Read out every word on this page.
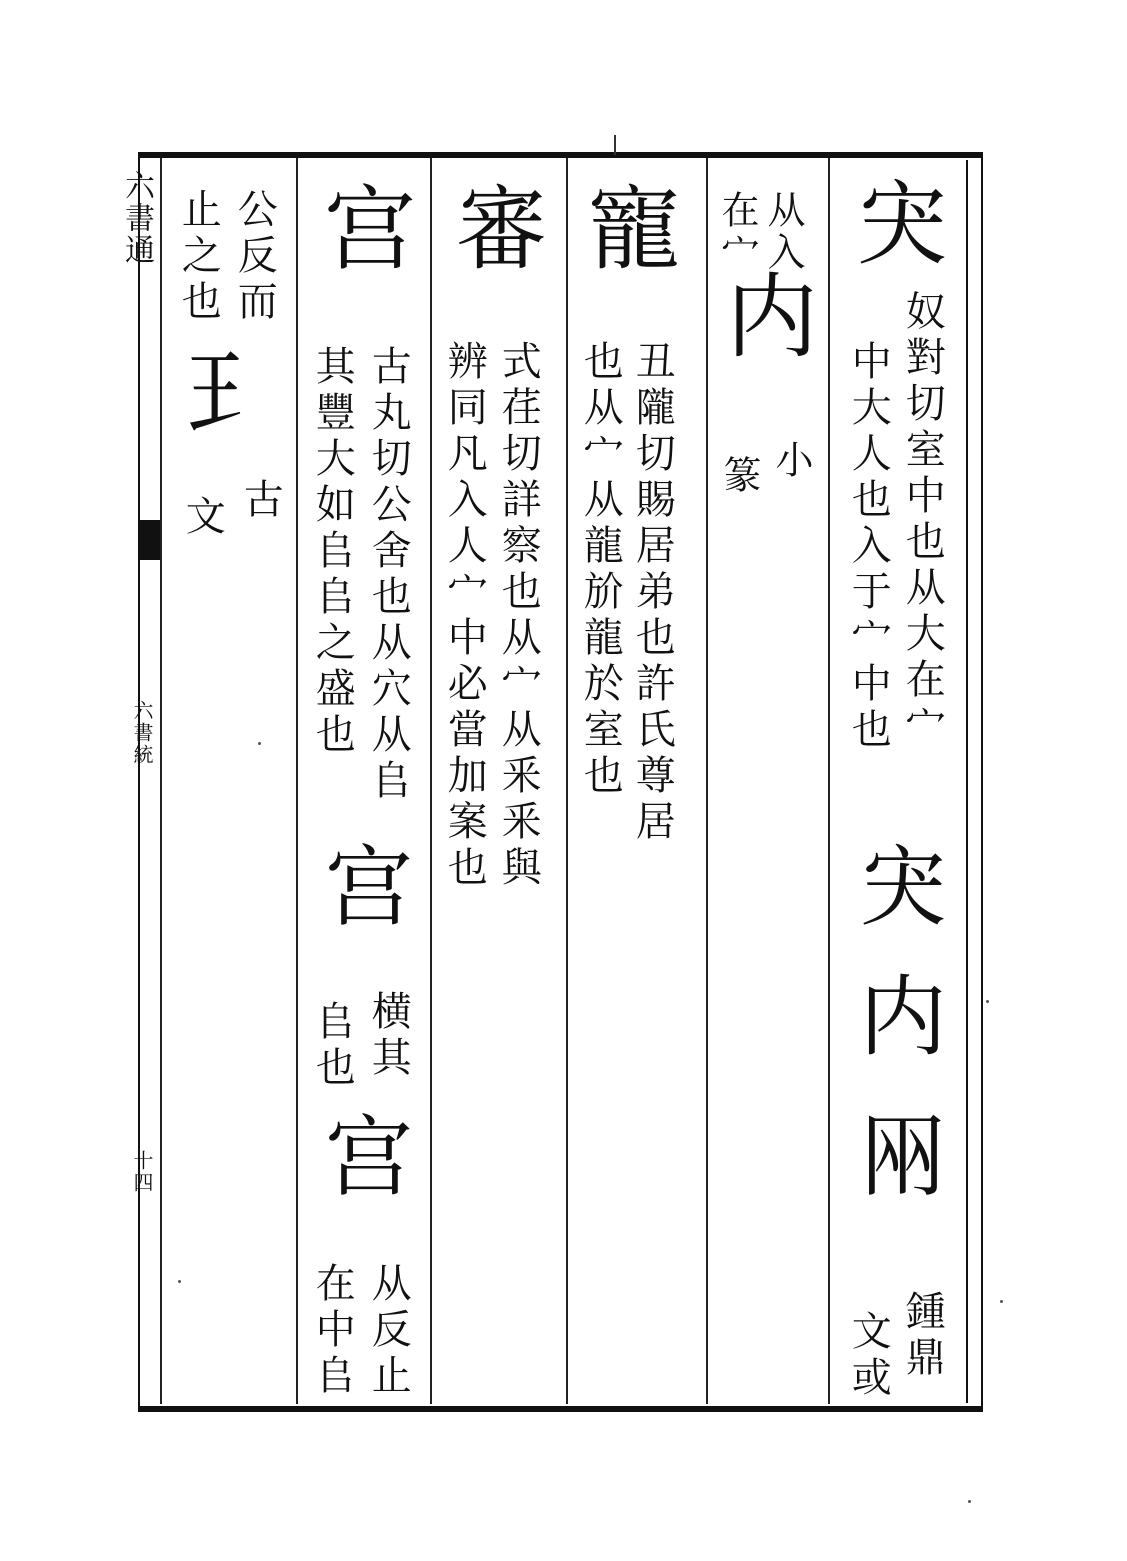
六書通
六書統
十四
宊
奴對切室中也从大在宀
中大人也入于宀中也
宊
内
㒳
鍾鼎
文或
从入
在宀
内
小
篆
寵
丑隴切賜居弟也許氏尊居
也从宀从龍斺龍於室也
審
式荏切詳察也从宀从釆釆與
辨同凡入人宀中必當加案也
宫
古丸切公舍也从穴从𠂤
其豐大如𠂤𠂤之盛也
宫
横其
𠂤也
宫
从反止
在中𠂤
公反而
止之也
𤣩
古
文
